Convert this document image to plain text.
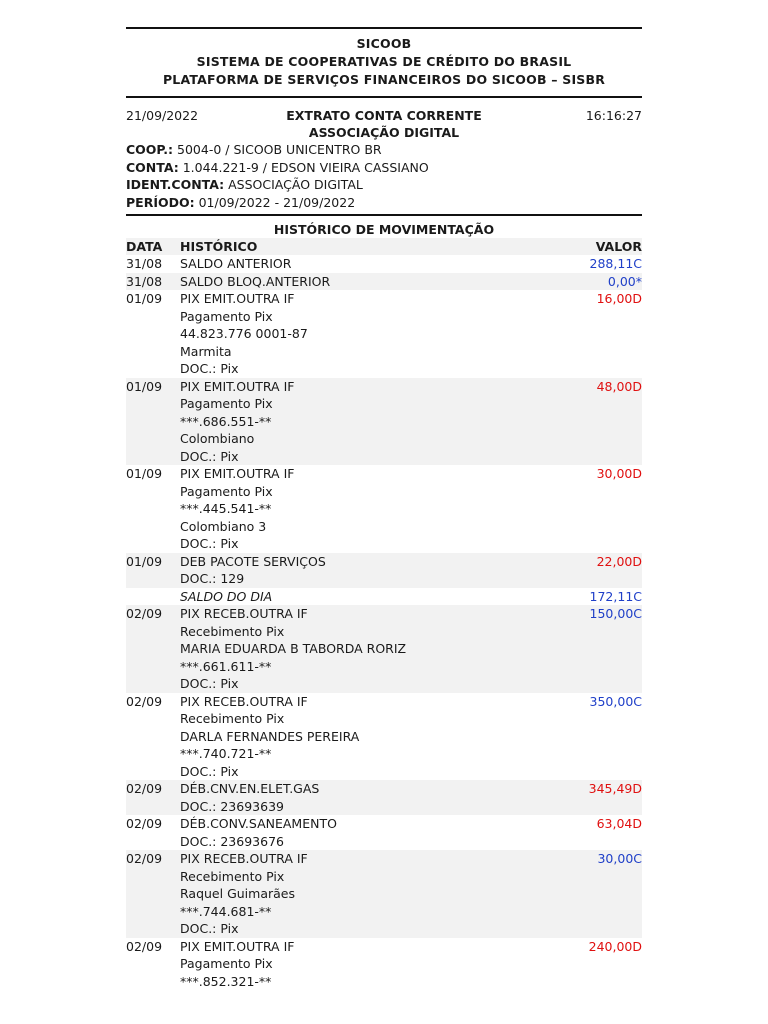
SICOOB
SISTEMA DE COOPERATIVAS DE CRÉDITO DO BRASIL
PLATAFORMA DE SERVIÇOS FINANCEIROS DO SICOOB – SISBR
21/09/2022	EXTRATO CONTA CORRENTE	16:16:27
ASSOCIAÇÃO DIGITAL
COOP.: 5004-0 / SICOOB UNICENTRO BR
CONTA: 1.044.221-9 / EDSON VIEIRA CASSIANO
IDENT.CONTA: ASSOCIAÇÃO DIGITAL
PERÍODO: 01/09/2022 - 21/09/2022
HISTÓRICO DE MOVIMENTAÇÃO
DATA	HISTÓRICO	VALOR
31/08	SALDO ANTERIOR	288,11C
31/08	SALDO BLOQ.ANTERIOR	0,00*
01/09	PIX EMIT.OUTRA IF
Pagamento Pix
44.823.776 0001-87
Marmita
DOC.: Pix
16,00D
01/09	PIX EMIT.OUTRA IF
Pagamento Pix
***.686.551-**
Colombiano
DOC.: Pix
48,00D
01/09	PIX EMIT.OUTRA IF
Pagamento Pix
***.445.541-**
Colombiano 3
DOC.: Pix
30,00D
01/09	DEB PACOTE SERVIÇOS
DOC.: 129
22,00D
SALDO DO DIA	172,11C
02/09	PIX RECEB.OUTRA IF
Recebimento Pix
MARIA EDUARDA B TABORDA RORIZ
***.661.611-**
DOC.: Pix
150,00C
02/09	PIX RECEB.OUTRA IF
Recebimento Pix
DARLA FERNANDES PEREIRA
***.740.721-**
DOC.: Pix
350,00C
02/09	DÉB.CNV.EN.ELET.GAS
DOC.: 23693639
345,49D
02/09	DÉB.CONV.SANEAMENTO
DOC.: 23693676
63,04D
02/09	PIX RECEB.OUTRA IF
Recebimento Pix
Raquel Guimarães
***.744.681-**
DOC.: Pix
30,00C
02/09	PIX EMIT.OUTRA IF
Pagamento Pix
***.852.321-**
240,00D
